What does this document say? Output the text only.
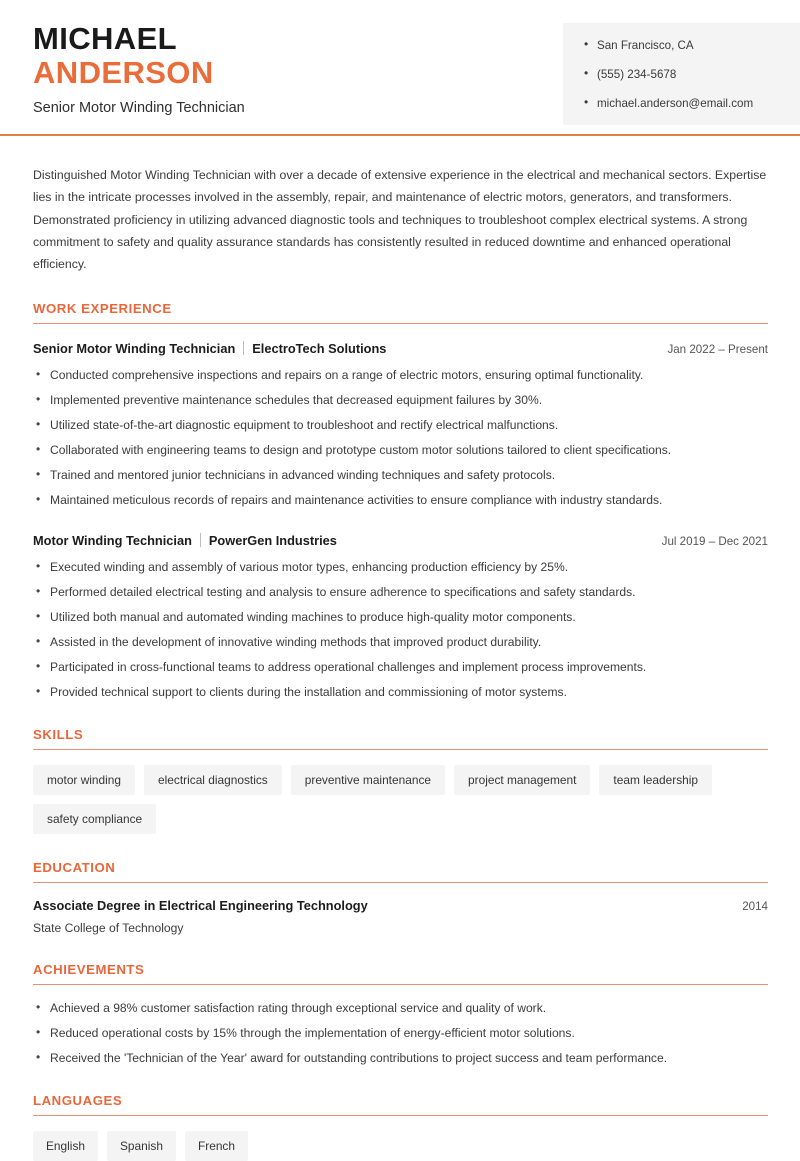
MICHAEL
ANDERSON
Senior Motor Winding Technician
• San Francisco, CA
• (555) 234-5678
• michael.anderson@email.com
Distinguished Motor Winding Technician with over a decade of extensive experience in the electrical and mechanical sectors. Expertise lies in the intricate processes involved in the assembly, repair, and maintenance of electric motors, generators, and transformers. Demonstrated proficiency in utilizing advanced diagnostic tools and techniques to troubleshoot complex electrical systems. A strong commitment to safety and quality assurance standards has consistently resulted in reduced downtime and enhanced operational efficiency.
WORK EXPERIENCE
Senior Motor Winding Technician ElectroTech Solutions	Jan 2022 – Present
• Conducted comprehensive inspections and repairs on a range of electric motors, ensuring optimal functionality.
• Implemented preventive maintenance schedules that decreased equipment failures by 30%.
• Utilized state-of-the-art diagnostic equipment to troubleshoot and rectify electrical malfunctions.
• Collaborated with engineering teams to design and prototype custom motor solutions tailored to client specifications.
• Trained and mentored junior technicians in advanced winding techniques and safety protocols.
• Maintained meticulous records of repairs and maintenance activities to ensure compliance with industry standards.
Motor Winding Technician PowerGen Industries	Jul 2019 – Dec 2021
• Executed winding and assembly of various motor types, enhancing production efficiency by 25%.
• Performed detailed electrical testing and analysis to ensure adherence to specifications and safety standards.
• Utilized both manual and automated winding machines to produce high-quality motor components.
• Assisted in the development of innovative winding methods that improved product durability.
• Participated in cross-functional teams to address operational challenges and implement process improvements.
• Provided technical support to clients during the installation and commissioning of motor systems.
SKILLS
motor winding	electrical diagnostics	preventive maintenance	project management	team leadership
safety compliance
EDUCATION
Associate Degree in Electrical Engineering Technology	2014
State College of Technology
ACHIEVEMENTS
• Achieved a 98% customer satisfaction rating through exceptional service and quality of work.
• Reduced operational costs by 15% through the implementation of energy-efficient motor solutions.
• Received the 'Technician of the Year' award for outstanding contributions to project success and team performance.
LANGUAGES
English	Spanish	French
